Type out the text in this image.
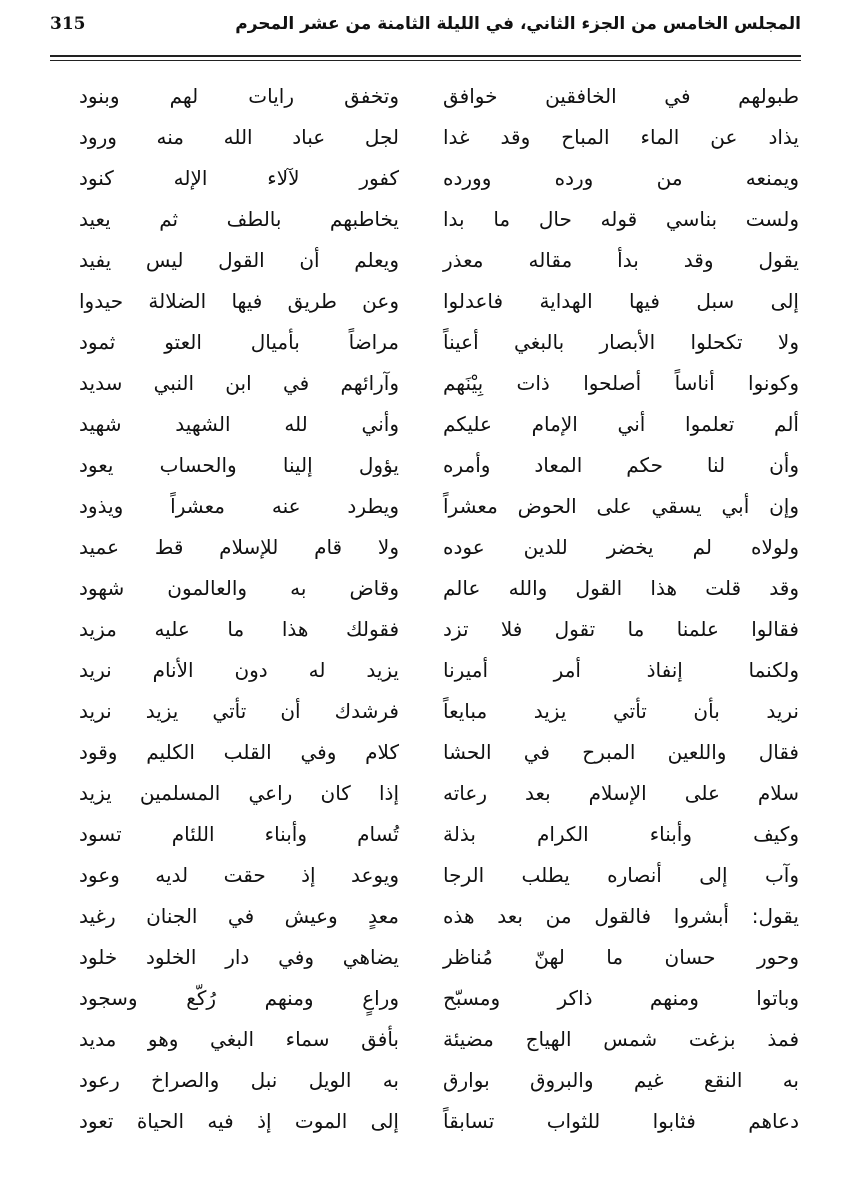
315	المجلس الخامس من الجزء الثاني، في الليلة الثامنة من عشر المحرم
طبولهم في الخافقين خوافق
وتخفق رايات لهم وبنود
يذاد عن الماء المباح وقد غدا
لجل عباد الله منه ورود
ويمنعه من ورده وورده
كفور لآلاء الإله كنود
ولست بناسي قوله حال ما بدا
يخاطبهم بالطف ثم يعيد
يقول وقد بدأ مقاله معذر
ويعلم أن القول ليس يفيد
إلى سبل فيها الهداية فاعدلوا
وعن طريق فيها الضلالة حيدوا
ولا تكحلوا الأبصار بالبغي أعيناً
مراضاً بأميال العتو ثمود
وكونوا أناساً أصلحوا ذات بِيْنَهم
وآرائهم في ابن النبي سديد
ألم تعلموا أني الإمام عليكم
وأني لله الشهيد شهيد
وأن لنا حكم المعاد وأمره
يؤول إلينا والحساب يعود
وإن أبي يسقي على الحوض معشراً
ويطرد عنه معشراً ويذود
ولولاه لم يخضر للدين عوده
ولا قام للإسلام قط عميد
وقد قلت هذا القول والله عالم
وقاض به والعالمون شهود
فقالوا علمنا ما تقول فلا تزد
فقولك هذا ما عليه مزيد
ولكنما إنفاذ أمر أميرنا
يزيد له دون الأنام نريد
نريد بأن تأتي يزيد مبايعاً
فرشدك أن تأتي يزيد نريد
فقال واللعين المبرح في الحشا
كلام وفي القلب الكليم وقود
سلام على الإسلام بعد رعاته
إذا كان راعي المسلمين يزيد
وكيف وأبناء الكرام بذلة
تُسام وأبناء اللئام تسود
وآب إلى أنصاره يطلب الرجا
ويوعد إذ حقت لديه وعود
يقول: أبشروا فالقول من بعد هذه
معدٍ وعيش في الجنان رغيد
وحور حسان ما لهنّ مُناظر
يضاهي وفي دار الخلود خلود
وباتوا ومنهم ذاكر ومسبّح
وراعٍ ومنهم رُكّع وسجود
فمذ بزغت شمس الهياج مضيئة
بأفق سماء البغي وهو مديد
به النقع غيم والبروق بوارق
به الويل نبل والصراخ رعود
دعاهم فثابوا للثواب تسابقاً
إلى الموت إذ فيه الحياة تعود
